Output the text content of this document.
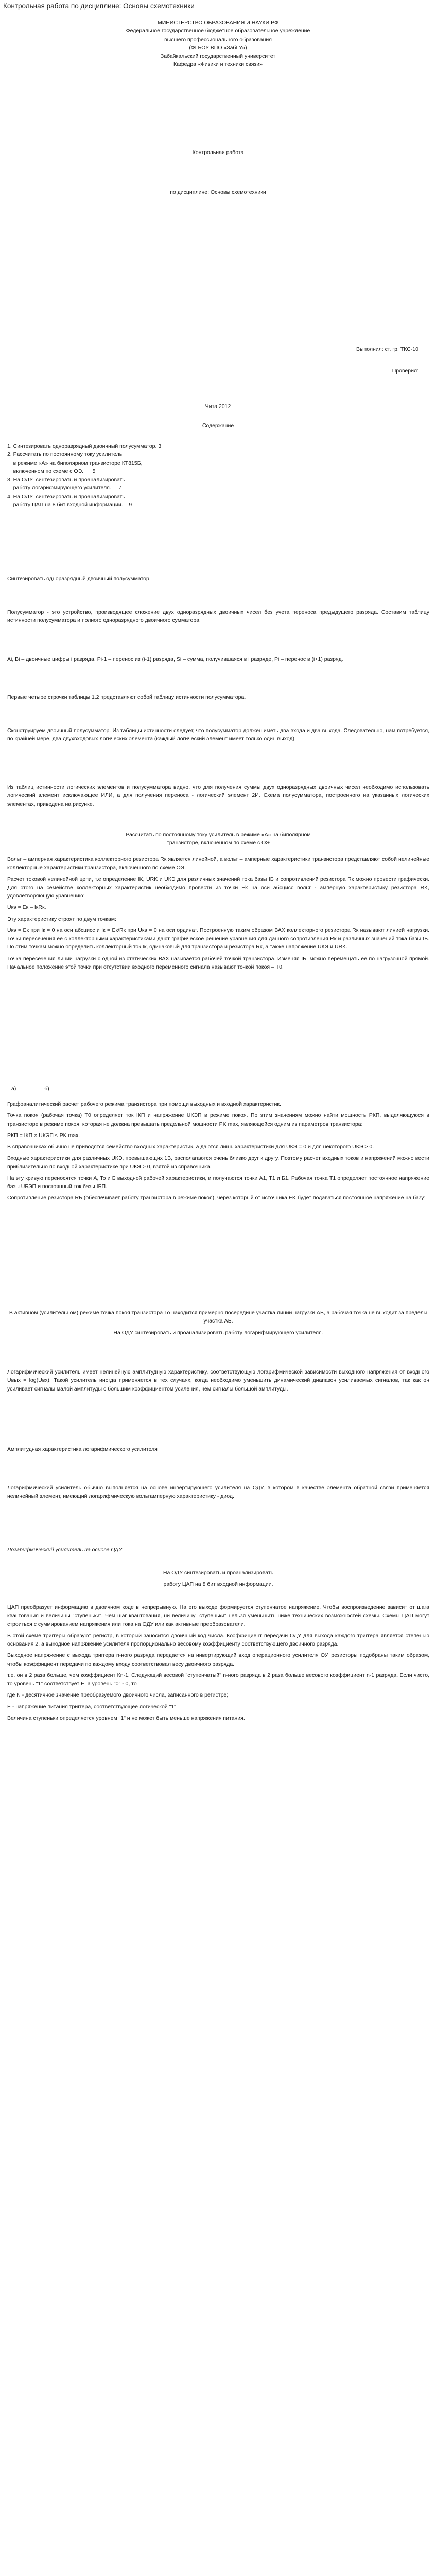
Контрольная работа по дисциплине: Основы схемотехники
МИНИСТЕРСТВО ОБРАЗОВАНИЯ И НАУКИ РФ
Федеральное государственное бюджетное образовательное учреждение
высшего профессионального образования
(ФГБОУ ВПО «ЗабГУ»)
Забайкальский государственный университет
Кафедра «Физики и техники связи»
Контрольная работа
по дисциплине: Основы схемотехники
Выполнил: ст. гр. ТКС-10
Проверил:
Чита 2012
Содержание
1. Синтезировать одноразрядный двоичный полусумматор. 3
2. Рассчитать по постоянному току усилитель
в режиме «А» на биполярном транзисторе КТ815Б,
включенном по схеме с ОЭ.      5
3. На ОДУ  синтезировать и проанализировать
работу логарифмирующего усилителя.     7
4. На ОДУ  синтезировать и проанализировать
работу ЦАП на 8 бит входной информации.    9
Синтезировать одноразрядный двоичный полусумматор.

Полусумматор - это устройство, производящее сложение двух одноразрядных двоичных чисел без учета переноса предыдущего разряда. Составим таблицу истинности полусумматора и полного одноразрядного двоичного сумматора.

Ai, Bi – двоичные цифры i разряда, Pi-1 – перенос из (i-1) разряда, Si – сумма, получившаяся в i разряде, Pi – перенос в (i+1) разряд.

Первые четыре строчки таблицы 1.2 представляют собой таблицу истинности полусумматора.

Сконструируем двоичный полусумматор. Из таблицы истинности следует, что полусумматор должен иметь два входа и два выхода. Следовательно, нам потребуется, по крайней мере, два двухвходовых логических элемента (каждый логический элемент имеет только один выход).

Из таблиц истинности логических элементов и полусумматора видно, что для получения суммы двух одноразрядных двоичных чисел необходимо использовать логический элемент исключающее ИЛИ, а для получения переноса - логический элемент 2И. Схема полусумматора, построенного на указанных логических элементах, приведена на рисунке.

Рассчитать по постоянному току усилитель в режиме «А» на биполярном
транзисторе, включенном по схеме с ОЭ

Вольт – амперная характеристика коллекторного резистора Rк является линейной, а вольт – амперные характеристики транзистора представляют собой нелинейные коллекторные характеристики транзистора, включенного по схеме ОЭ.

Расчет токовой нелинейной цепи, т.е определение IK, URK и UКЭ для различных значений тока базы IБ и сопротивлений резистора Rк можно провести графически. Для этого на семействе коллекторных характеристик необходимо провести из точки Ek на оси абсцисс вольт - амперную характеристику резистора RK, удовлетворяющую уравнению:

Uкэ = Eк – IкRк.

Эту характеристику строят по двум точкам:

Uкэ = Eк при Iк = 0 на оси абсцисс и Iк = Eк/Rк при Uкэ = 0 на оси ординат. Построенную таким образом ВАХ коллекторного резистора Rк называют линией нагрузки. Точки пересечения ее с коллекторными характеристиками дают графическое решение уравнения для данного сопротивления Rк и различных значений тока базы IБ. По этим точкам можно определить коллекторный ток Iк, одинаковый для транзистора и резистора Rк, а также напряжение UКЭ и URK.

Точка пересечения линии нагрузки с одной из статических ВАХ называется рабочей точкой транзистора. Изменяя IБ, можно перемещать ее по нагрузочной прямой. Начальное положение этой точки при отсутствии входного переменного сигнала называют точкой покоя – T0.

а)	б)

Графоаналитический расчет рабочего режима транзистора при помощи выходных и входной характеристик.

Точка покоя (рабочая точка) T0 определяет ток IКП и напряжение UКЭП в режиме покоя. По этим значениям можно найти мощность PКП, выделяющуюся в транзисторе в режиме покоя, которая не должна превышать предельной мощности PK max, являющейся одним из параметров транзистора:

PКП = IКП × UКЭП ≤ PK max.

В справочниках обычно не приводятся семейство входных характеристик, а даются лишь характеристики для UКЭ = 0 и для некоторого UКЭ > 0.

Входные характеристики для различных UКЭ, превышающих 1В, располагаются очень близко друг к другу. Поэтому расчет входных токов и напряжений можно вести приблизительно по входной характеристике при UКЭ > 0, взятой из справочника.

На эту кривую переносятся точки A, To и Б выходной рабочей характеристики, и получаются точки A1, T1 и Б1. Рабочая точка T1 определяет постоянное напряжение базы UБЭП и постоянный ток базы IБП.

Сопротивление резистора RБ (обеспечивает работу транзистора в режиме покоя), через который от источника EK будет подаваться постоянное напряжение на базу:

В активном (усилительном) режиме точка покоя транзистора То находится примерно посередине участка линии нагрузки АБ, а рабочая точка не выходит за пределы участка АБ.

На ОДУ синтезировать и проанализировать работу логарифмирующего усилителя.

Логарифмический усилитель имеет нелинейную амплитудную характеристику, соответствующую логарифмической зависимости выходного напряжения от входного Uвых = log(Uвх). Такой усилитель иногда применяется в тех случаях, когда необходимо уменьшить динамический диапазон усиливаемых сигналов, так как он усиливает сигналы малой амплитуды с большим коэффициентом усиления, чем сигналы большой амплитуды.

Амплитудная характеристика логарифмического усилителя

Логарифмический усилитель обычно выполняется на основе инвертирующего усилителя на ОДУ, в котором в качестве элемента обратной связи применяется нелинейный элемент, имеющий логарифмическую вольтамперную характеристику - диод.

Логарифмический усилитель на основе ОДУ
На ОДУ синтезировать и проанализировать
работу ЦАП на 8 бит входной информации.

ЦАП преобразует информацию в двоичном коде в непрерывную. На его выходе формируется ступенчатое напряжение. Чтобы воспроизведение зависит от шага квантования и величины "ступеньки". Чем шаг квантования, ни величину "ступеньки" нельзя уменьшить ниже технических возможностей схемы. Схемы ЦАП могут строиться с суммированием напряжения или тока на ОДУ или как активные преобразователи.

В этой схеме триггеры образуют регистр, в который заносится двоичный код числа. Коэффициент передачи ОДУ для выхода каждого триггера является степенью основания 2, а выходное напряжение усилителя пропорционально весовому коэффициенту соответствующего двоичного разряда.

Выходное напряжение с выхода триггера n-ного разряда передается на инвертирующий вход операционного усилителя ОУ, резисторы подобраны таким образом, чтобы коэффициент передачи по каждому входу соответствовал весу двоичного разряда.

т.е. он в 2 раза больше, чем коэффициент Кn-1. Следующий весовой "ступенчатый" n-ного разряда в 2 раза больше весового коэффициент n-1 разряда. Если чисто, то уровень "1" соответствует E, а уровень "0" - 0, то

где N - десятичное значение преобразуемого двоичного числа, записанного в регистре;

E - напряжение питания триггера, соответствующее логической "1"

Величина ступеньки определяется уровнем "1" и не может быть меньше напряжения питания.
